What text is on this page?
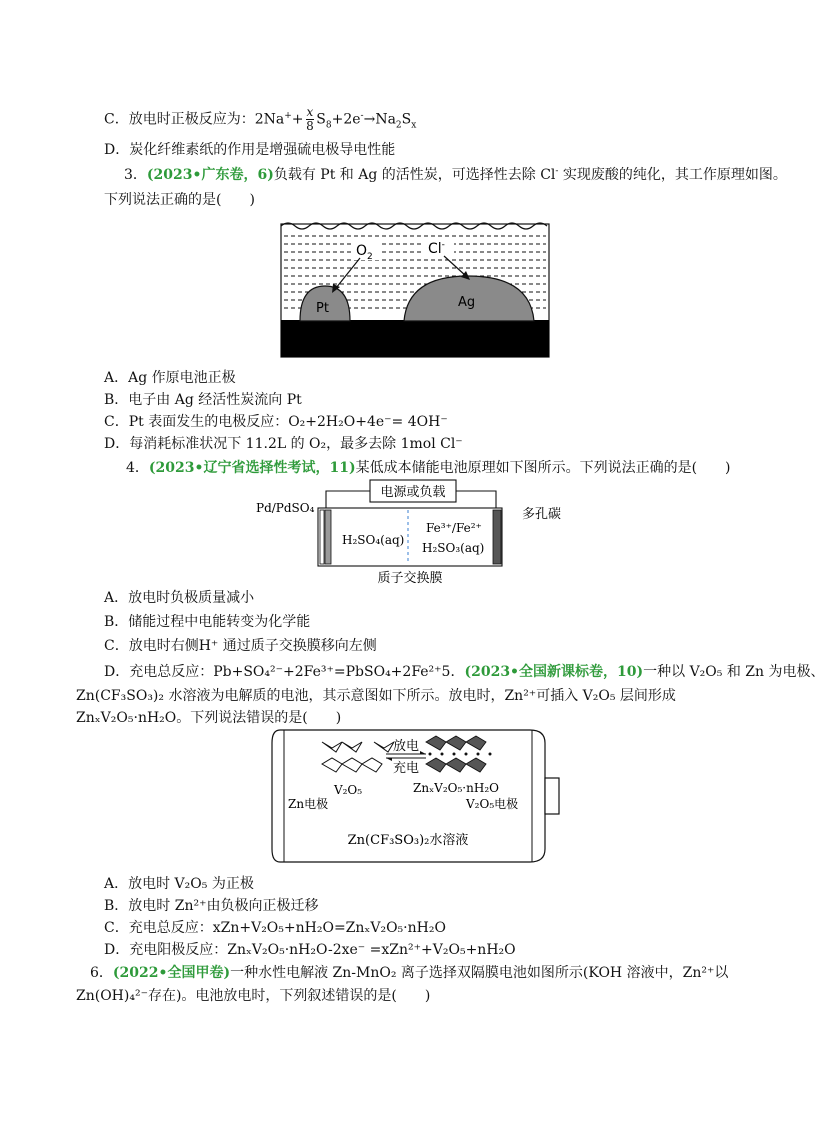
C．放电时正极反应为：$2Na^++ \frac{x}{8} S_8+2e^-\to Na_2S_x$
D．炭化纤维素纸的作用是增强硫电极导电性能
3．(2023•广东卷，6)负载有 Pt 和 Ag 的活性炭，可选择性去除 Cl- 实现废酸的纯化，其工作原理如图。
下列说法正确的是(　　)
$O_2$	Cl-
Pt	Ag
A．Ag 作原电池正极
B．电子由 Ag 经活性炭流向 Pt
C．Pt 表面发生的电极反应：O₂+2H₂O+4e⁻= 4OH⁻
D．每消耗标准状况下 11.2L 的 O₂，最多去除 1mol Cl⁻
4．(2023•辽宁省选择性考试，11)某低成本储能电池原理如下图所示。下列说法正确的是(　　)
电源或负载
Pd/PdSO₄	多孔碳
H₂SO₄(aq)
Fe³⁺/Fe²⁺
H₂SO₃(aq)
质子交换膜
A．放电时负极质量减小
B．储能过程中电能转变为化学能
C．放电时右侧H⁺ 通过质子交换膜移向左侧
D．充电总反应：Pb+SO₄²⁻+2Fe³⁺=PbSO₄+2Fe²⁺5．(2023•全国新课标卷，10)一种以 V₂O₅ 和 Zn 为电极、
Zn(CF₃SO₃)₂ 水溶液为电解质的电池，其示意图如下所示。放电时，Zn²⁺可插入 V₂O₅ 层间形成
ZnₓV₂O₅·nH₂O。下列说法错误的是(　　)
放电
充电
V₂O₅	ZnₓV₂O₅·nH₂O
Zn电极	V₂O₅电极
Zn(CF₃SO₃)₂水溶液
A．放电时 V₂O₅ 为正极
B．放电时 Zn²⁺由负极向正极迁移
C．充电总反应：xZn+V₂O₅+nH₂O=ZnₓV₂O₅·nH₂O
D．充电阳极反应：ZnₓV₂O₅·nH₂O-2xe⁻ =xZn²⁺+V₂O₅+nH₂O
6．(2022•全国甲卷)一种水性电解液 Zn-MnO₂ 离子选择双隔膜电池如图所示(KOH 溶液中，Zn²⁺以
Zn(OH)₄²⁻存在)。电池放电时，下列叙述错误的是(　　)
